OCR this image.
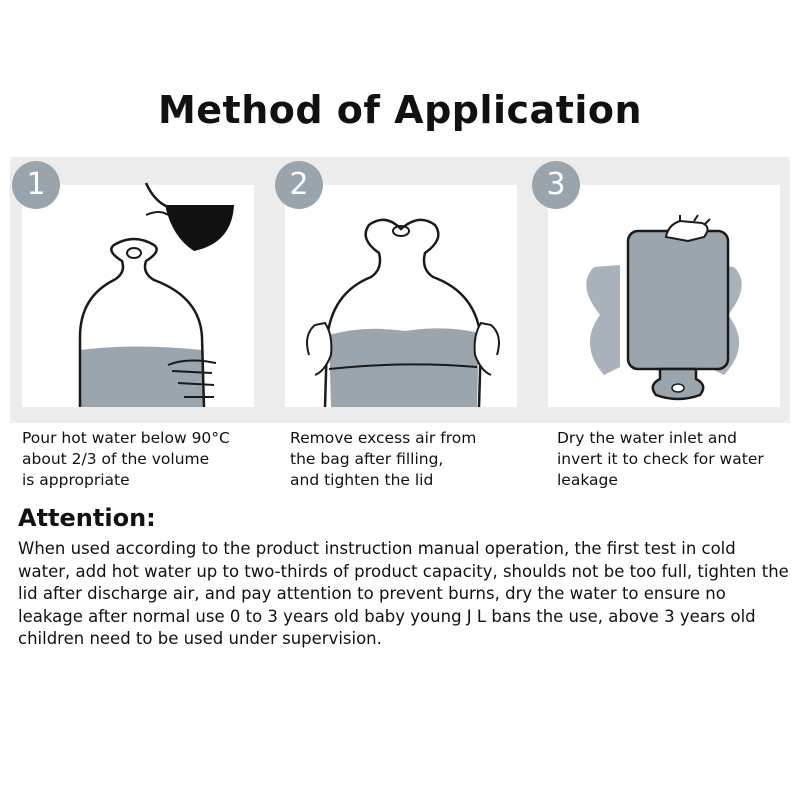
Method of Application
1	2	3
Pour hot water below 90°C
about 2/3 of the volume
is appropriate
Remove excess air from
the bag after filling,
and tighten the lid
Dry the water inlet and
invert it to check for water
leakage
Attention:
When used according to the product instruction manual operation, the first test in cold water, add hot water up to two-thirds of product capacity, shoulds not be too full, tighten the lid after discharge air, and pay attention to prevent burns, dry the water to ensure no leakage after normal use 0 to 3 years old baby young J L bans the use, above 3 years old children need to be used under supervision.
